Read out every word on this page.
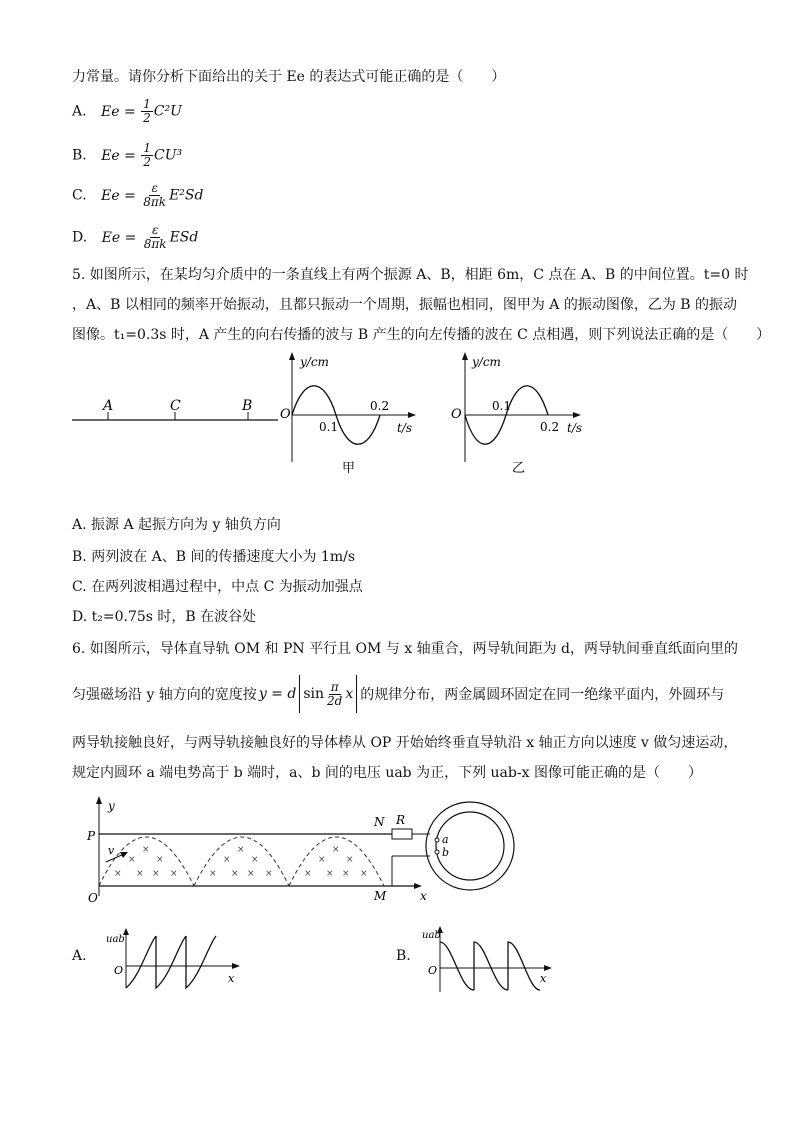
力常量。请你分析下面给出的关于 Ee 的表达式可能正确的是（　　）
A. $Ee = \frac{1}{2} C^2U$
B. $Ee = \frac{1}{2} CU^3$
C. $Ee = \frac{\varepsilon}{8\pi k} E^2Sd$
D. $Ee = \frac{\varepsilon}{8\pi k}$ ESd
5. 如图所示，在某均匀介质中的一条直线上有两个振源 A、B，相距 6m，C 点在 A、B 的中间位置。t=0 时
，A、B 以相同的频率开始振动，且都只振动一个周期，振幅也相同，图甲为 A 的振动图像，乙为 B 的振动
图像。t₁=0.3s 时，A 产生的向右传播的波与 B 产生的向左传播的波在 C 点相遇，则下列说法正确的是（　　）
A	C	B
y/cm
O
0.1
0.2
t/s
甲
y/cm
O
0.1
0.2 t/s
乙
A. 振源 A 起振方向为 y 轴负方向
B. 两列波在 A、B 间的传播速度大小为 1m/s
C. 在两列波相遇过程中，中点 C 为振动加强点
D. t₂=0.75s 时，B 在波谷处
6. 如图所示，导体直导轨 OM 和 PN 平行且 OM 与 x 轴重合，两导轨间距为 d，两导轨间垂直纸面向里的
匀强磁场沿 y 轴方向的宽度按 y = d $\sin \frac{\pi}{2d}$ x 的规律分布，两金属圆环固定在同一绝缘平面内，外圆环与
两导轨接触良好，与两导轨接触良好的导体棒从 OP 开始始终垂直导轨沿 x 轴正方向以速度 v 做匀速运动，
规定内圆环 a 端电势高于 b 端时，a、b 间的电压 uab 为正，下列 uab-x 图像可能正确的是（　　）
y
P
O	x
N
M
×
×
×
×
×
× ×	×
×
×
×
×
× ×	×
×
×
×
×
× ×
v
R
a
b
A.
uab
O
x
B.
uab
O
x
